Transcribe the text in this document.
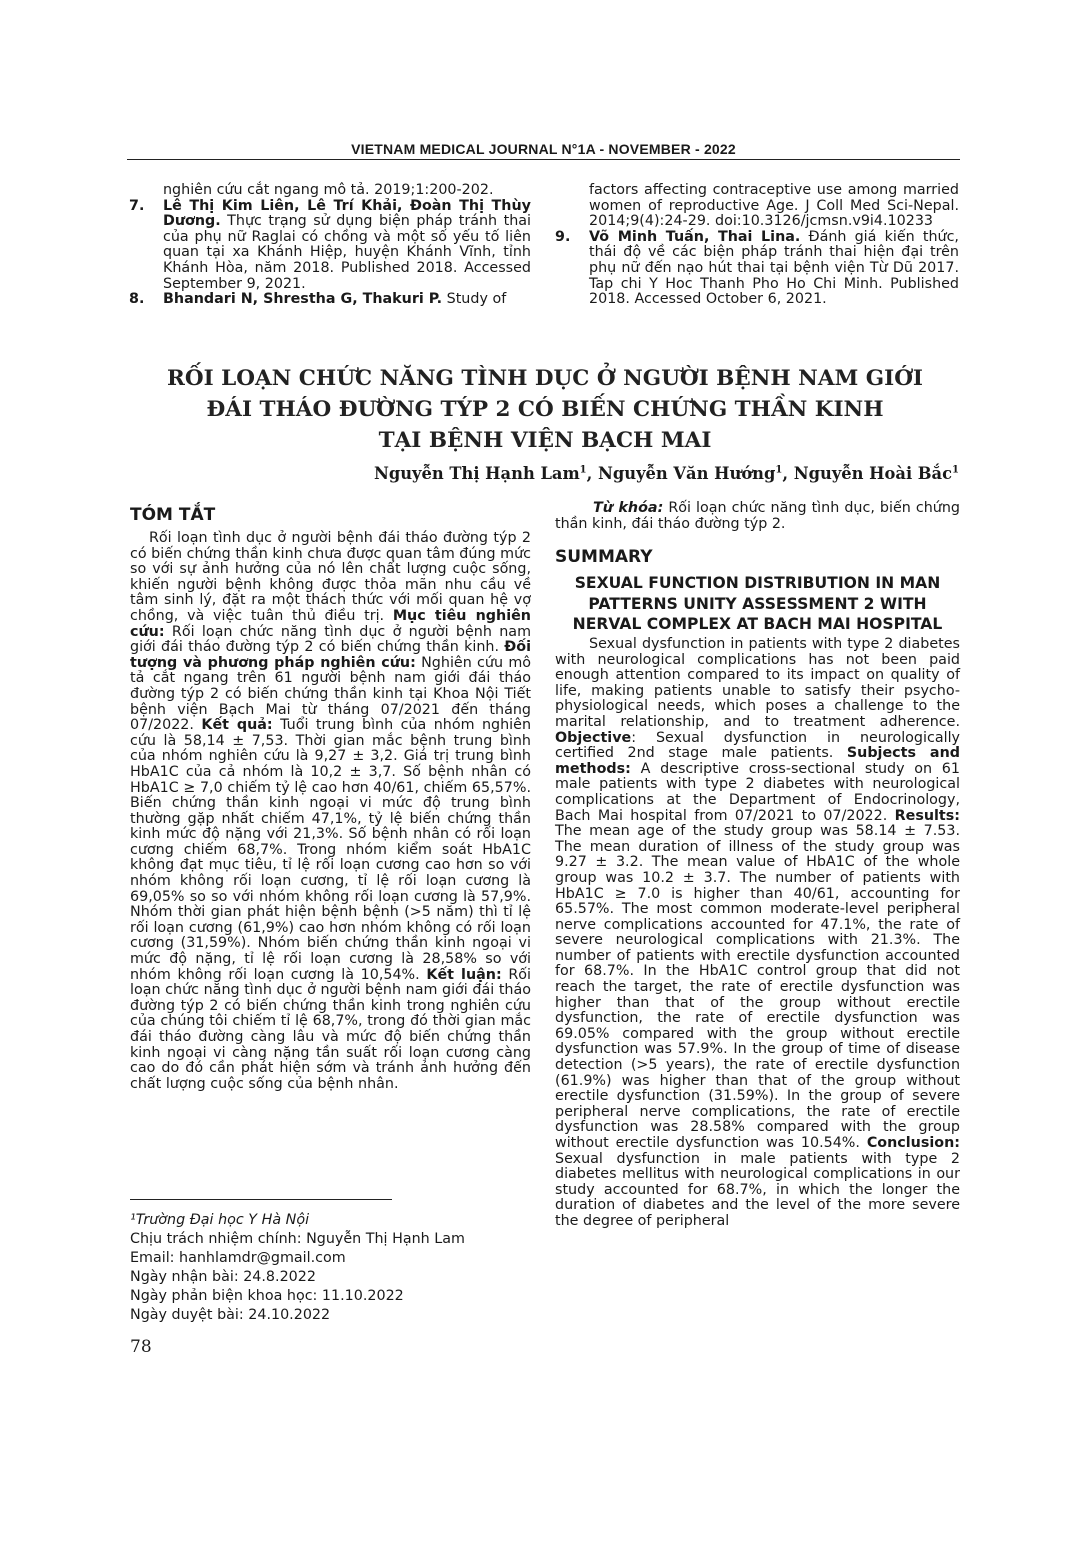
VIETNAM MEDICAL JOURNAL N°1A - NOVEMBER - 2022
nghiên cứu cắt ngang mô tả. 2019;1:200-202.
7. Lê Thị Kim Liên, Lê Trí Khải, Đoàn Thị Thùy Dương. Thực trạng sử dụng biện pháp tránh thai của phụ nữ Raglai có chồng và một số yếu tố liên quan tại xa Khánh Hiệp, huyện Khánh Vĩnh, tỉnh Khánh Hòa, năm 2018. Published 2018. Accessed September 9, 2021.
8. Bhandari N, Shrestha G, Thakuri P. Study of
factors affecting contraceptive use among married women of reproductive Age. J Coll Med Sci-Nepal. 2014;9(4):24-29. doi:10.3126/jcmsn.v9i4.10233
9. Võ Minh Tuấn, Thai Lina. Đánh giá kiến thức, thái độ về các biện pháp tránh thai hiện đại trên phụ nữ đến nạo hút thai tại bệnh viện Từ Dũ 2017. Tap chi Y Hoc Thanh Pho Ho Chi Minh. Published 2018. Accessed October 6, 2021.
RỐI LOẠN CHỨC NĂNG TÌNH DỤC Ở NGƯỜI BỆNH NAM GIỚI
ĐÁI THÁO ĐƯỜNG TÝP 2 CÓ BIẾN CHỨNG THẦN KINH
TẠI BỆNH VIỆN BẠCH MAI
Nguyễn Thị Hạnh Lam$^1$, Nguyễn Văn Hướng$^1$, Nguyễn Hoài Bắc$^1$
TÓM TẮT
Rối loạn tình dục ở người bệnh đái tháo đường týp 2 có biến chứng thần kinh chưa được quan tâm đúng mức so với sự ảnh hưởng của nó lên chất lượng cuộc sống, khiến người bệnh không được thỏa mãn nhu cầu về tâm sinh lý, đặt ra một thách thức với mối quan hệ vợ chồng, và việc tuân thủ điều trị. Mục tiêu nghiên cứu: Rối loạn chức năng tình dục ở người bệnh nam giới đái tháo đường týp 2 có biến chứng thần kinh. Đối tượng và phương pháp nghiên cứu: Nghiên cứu mô tả cắt ngang trên 61 người bệnh nam giới đái tháo đường týp 2 có biến chứng thần kinh tại Khoa Nội Tiết bệnh viện Bạch Mai từ tháng 07/2021 đến tháng 07/2022. Kết quả: Tuổi trung bình của nhóm nghiên cứu là 58,14 ± 7,53. Thời gian mắc bệnh trung bình của nhóm nghiên cứu là 9,27 ± 3,2. Giá trị trung bình HbA1C của cả nhóm là 10,2 ± 3,7. Số bệnh nhân có HbA1C ≥ 7,0 chiếm tỷ lệ cao hơn 40/61, chiếm 65,57%. Biến chứng thần kinh ngoại vi mức độ trung bình thường gặp nhất chiếm 47,1%, tỷ lệ biến chứng thần kinh mức độ nặng với 21,3%. Số bệnh nhân có rối loạn cương chiếm 68,7%. Trong nhóm kiểm soát HbA1C không đạt mục tiêu, tỉ lệ rối loạn cương cao hơn so với nhóm không rối loạn cương, tỉ lệ rối loạn cương là 69,05% so so với nhóm không rối loạn cương là 57,9%. Nhóm thời gian phát hiện bệnh bệnh (>5 năm) thì tỉ lệ rối loạn cương (61,9%) cao hơn nhóm không có rối loạn cương (31,59%). Nhóm biến chứng thần kinh ngoại vi mức độ nặng, tỉ lệ rối loạn cương là 28,58% so với nhóm không rối loạn cương là 10,54%. Kết luận: Rối loạn chức năng tình dục ở người bệnh nam giới đái tháo đường týp 2 có biến chứng thần kinh trong nghiên cứu của chúng tôi chiếm tỉ lệ 68,7%, trong đó thời gian mắc đái tháo đường càng lâu và mức độ biến chứng thần kinh ngoại vi càng nặng tần suất rối loạn cương càng cao do đó cần phát hiện sớm và tránh ảnh hưởng đến chất lượng cuộc sống của bệnh nhân.
Từ khóa: Rối loạn chức năng tình dục, biến chứng thần kinh, đái tháo đường týp 2.
SUMMARY
SEXUAL FUNCTION DISTRIBUTION IN MAN PATTERNS UNITY ASSESSMENT 2 WITH NERVAL COMPLEX AT BACH MAI HOSPITAL
Sexual dysfunction in patients with type 2 diabetes with neurological complications has not been paid enough attention compared to its impact on quality of life, making patients unable to satisfy their psycho-physiological needs, which poses a challenge to the marital relationship, and to treatment adherence. Objective: Sexual dysfunction in neurologically certified 2nd stage male patients. Subjects and methods: A descriptive cross-sectional study on 61 male patients with type 2 diabetes with neurological complications at the Department of Endocrinology, Bach Mai hospital from 07/2021 to 07/2022. Results: The mean age of the study group was 58.14 ± 7.53. The mean duration of illness of the study group was 9.27 ± 3.2. The mean value of HbA1C of the whole group was 10.2 ± 3.7. The number of patients with HbA1C ≥ 7.0 is higher than 40/61, accounting for 65.57%. The most common moderate-level peripheral nerve complications accounted for 47.1%, the rate of severe neurological complications with 21.3%. The number of patients with erectile dysfunction accounted for 68.7%. In the HbA1C control group that did not reach the target, the rate of erectile dysfunction was higher than that of the group without erectile dysfunction, the rate of erectile dysfunction was 69.05% compared with the group without erectile dysfunction was 57.9%. In the group of time of disease detection (>5 years), the rate of erectile dysfunction (61.9%) was higher than that of the group without erectile dysfunction (31.59%). In the group of severe peripheral nerve complications, the rate of erectile dysfunction was 28.58% compared with the group without erectile dysfunction was 10.54%. Conclusion: Sexual dysfunction in male patients with type 2 diabetes mellitus with neurological complications in our study accounted for 68.7%, in which the longer the duration of diabetes and the level of the more severe the degree of peripheral
¹Trường Đại học Y Hà Nội
Chịu trách nhiệm chính: Nguyễn Thị Hạnh Lam
Email: hanhlamdr@gmail.com
Ngày nhận bài: 24.8.2022
Ngày phản biện khoa học: 11.10.2022
Ngày duyệt bài: 24.10.2022
78
